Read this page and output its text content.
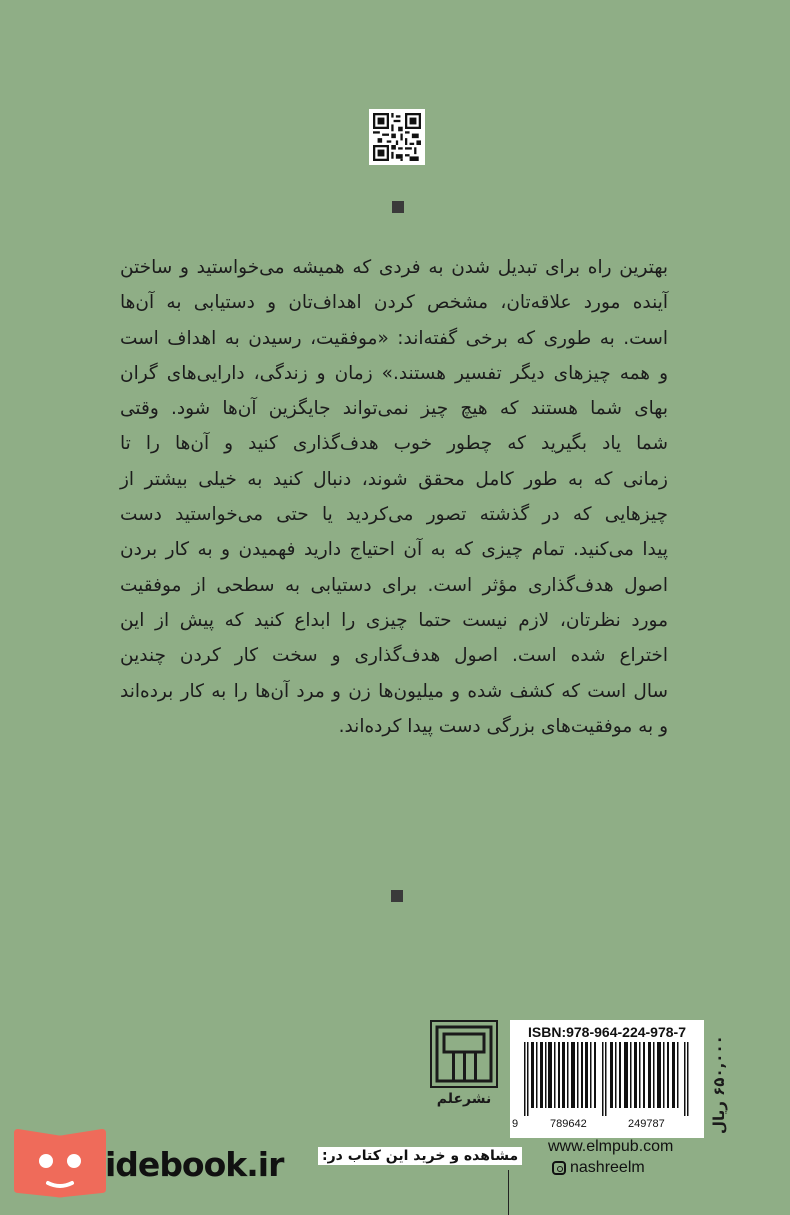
بهترین راه برای تبدیل شدن به فردی که همیشه می‌خواستید و ساختن
آینده مورد علاقه‌تان، مشخص کردن اهداف‌تان و دستیابی به آن‌ها
است. به طوری که برخی گفته‌اند: «موفقیت، رسیدن به اهداف است
و همه چیزهای دیگر تفسیر هستند.» زمان و زندگی، دارایی‌های گران
بهای شما هستند که هیچ چیز نمی‌تواند جایگزین آن‌ها شود. وقتی
شما یاد بگیرید که چطور خوب هدف‌گذاری کنید و آن‌ها را تا
زمانی که به طور کامل محقق شوند، دنبال کنید به خیلی بیشتر از
چیزهایی که در گذشته تصور می‌کردید یا حتی می‌خواستید دست
پیدا می‌کنید. تمام چیزی که به آن احتیاج دارید فهمیدن و به کار بردن
اصول هدف‌گذاری مؤثر است. برای دستیابی به سطحی از موفقیت
مورد نظرتان، لازم نیست حتما چیزی را ابداع کنید که پیش از این
اختراع شده است. اصول هدف‌گذاری و سخت کار کردن چندین
سال است که کشف شده و میلیون‌ها زن و مرد آن‌ها را به کار برده‌اند
و به موفقیت‌های بزرگی دست پیدا کرده‌اند.
نشرعلم
ISBN:978-964-224-978-7
9	789642	249787	۶۵۰,۰۰۰ ریال
www.elmpub.com
nashreelm
idebook.ir	مشاهده و خرید این کتاب در:
